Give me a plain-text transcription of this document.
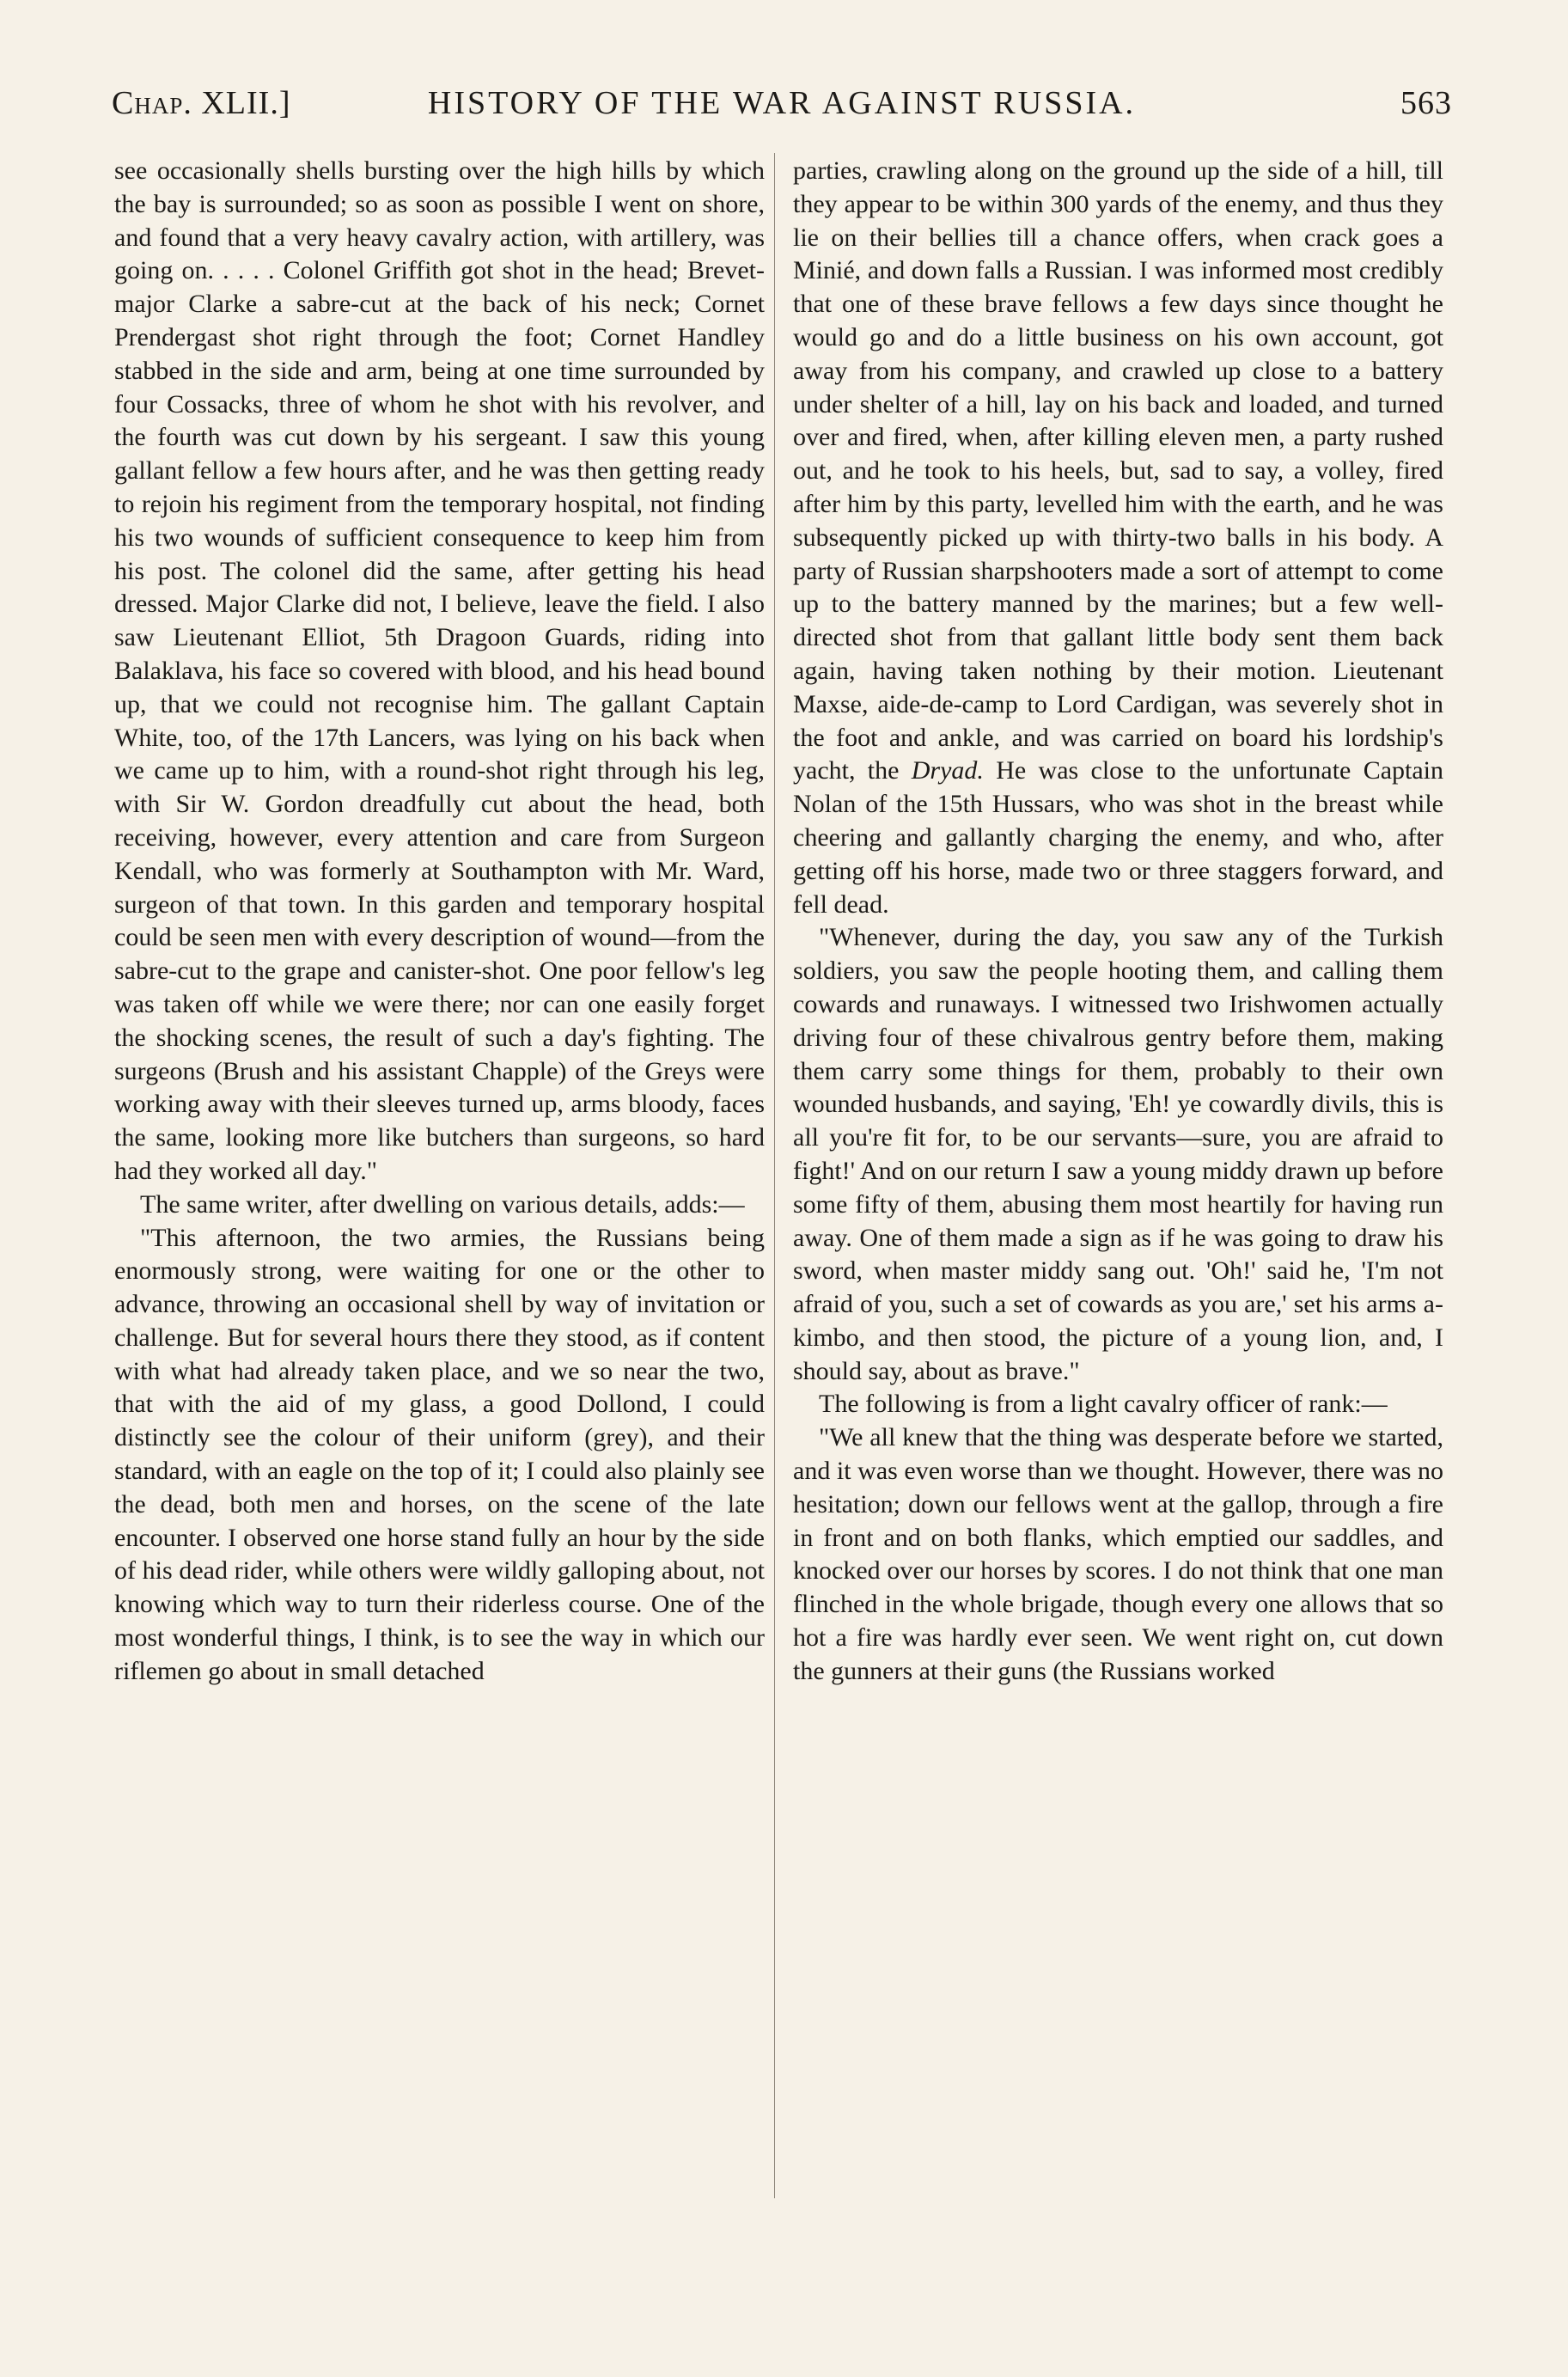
Chap. XLII.]	HISTORY OF THE WAR AGAINST RUSSIA.	563

see occasionally shells bursting over the high hills by which the bay is surrounded; so as soon as possible I went on shore, and found that a very heavy cavalry action, with artillery, was going on. . . . . Colonel Griffith got shot in the head; Brevet-major Clarke a sabre-cut at the back of his neck; Cornet Prendergast shot right through the foot; Cornet Handley stabbed in the side and arm, being at one time surrounded by four Cossacks, three of whom he shot with his revolver, and the fourth was cut down by his sergeant. I saw this young gallant fellow a few hours after, and he was then getting ready to rejoin his regiment from the temporary hospital, not finding his two wounds of sufficient consequence to keep him from his post. The colonel did the same, after getting his head dressed. Major Clarke did not, I believe, leave the field. I also saw Lieutenant Elliot, 5th Dragoon Guards, riding into Balaklava, his face so covered with blood, and his head bound up, that we could not recognise him. The gallant Captain White, too, of the 17th Lancers, was lying on his back when we came up to him, with a round-shot right through his leg, with Sir W. Gordon dreadfully cut about the head, both receiving, however, every attention and care from Surgeon Kendall, who was formerly at Southampton with Mr. Ward, surgeon of that town. In this garden and temporary hospital could be seen men with every description of wound—from the sabre-cut to the grape and canister-shot. One poor fellow's leg was taken off while we were there; nor can one easily forget the shocking scenes, the result of such a day's fighting. The surgeons (Brush and his assistant Chapple) of the Greys were working away with their sleeves turned up, arms bloody, faces the same, looking more like butchers than surgeons, so hard had they worked all day."

The same writer, after dwelling on various details, adds:—

"This afternoon, the two armies, the Russians being enormously strong, were waiting for one or the other to advance, throwing an occasional shell by way of invitation or challenge. But for several hours there they stood, as if content with what had already taken place, and we so near the two, that with the aid of my glass, a good Dollond, I could distinctly see the colour of their uniform (grey), and their standard, with an eagle on the top of it; I could also plainly see the dead, both men and horses, on the scene of the late encounter. I observed one horse stand fully an hour by the side of his dead rider, while others were wildly galloping about, not knowing which way to turn their riderless course. One of the most wonderful things, I think, is to see the way in which our riflemen go about in small detached

parties, crawling along on the ground up the side of a hill, till they appear to be within 300 yards of the enemy, and thus they lie on their bellies till a chance offers, when crack goes a Minié, and down falls a Russian. I was informed most credibly that one of these brave fellows a few days since thought he would go and do a little business on his own account, got away from his company, and crawled up close to a battery under shelter of a hill, lay on his back and loaded, and turned over and fired, when, after killing eleven men, a party rushed out, and he took to his heels, but, sad to say, a volley, fired after him by this party, levelled him with the earth, and he was subsequently picked up with thirty-two balls in his body. A party of Russian sharpshooters made a sort of attempt to come up to the battery manned by the marines; but a few well-directed shot from that gallant little body sent them back again, having taken nothing by their motion. Lieutenant Maxse, aide-de-camp to Lord Cardigan, was severely shot in the foot and ankle, and was carried on board his lordship's yacht, the Dryad. He was close to the unfortunate Captain Nolan of the 15th Hussars, who was shot in the breast while cheering and gallantly charging the enemy, and who, after getting off his horse, made two or three staggers forward, and fell dead.

"Whenever, during the day, you saw any of the Turkish soldiers, you saw the people hooting them, and calling them cowards and runaways. I witnessed two Irishwomen actually driving four of these chivalrous gentry before them, making them carry some things for them, probably to their own wounded husbands, and saying, 'Eh! ye cowardly divils, this is all you're fit for, to be our servants—sure, you are afraid to fight!' And on our return I saw a young middy drawn up before some fifty of them, abusing them most heartily for having run away. One of them made a sign as if he was going to draw his sword, when master middy sang out. 'Oh!' said he, 'I'm not afraid of you, such a set of cowards as you are,' set his arms a-kimbo, and then stood, the picture of a young lion, and, I should say, about as brave."

The following is from a light cavalry officer of rank:—

"We all knew that the thing was desperate before we started, and it was even worse than we thought. However, there was no hesitation; down our fellows went at the gallop, through a fire in front and on both flanks, which emptied our saddles, and knocked over our horses by scores. I do not think that one man flinched in the whole brigade, though every one allows that so hot a fire was hardly ever seen. We went right on, cut down the gunners at their guns (the Russians worked
